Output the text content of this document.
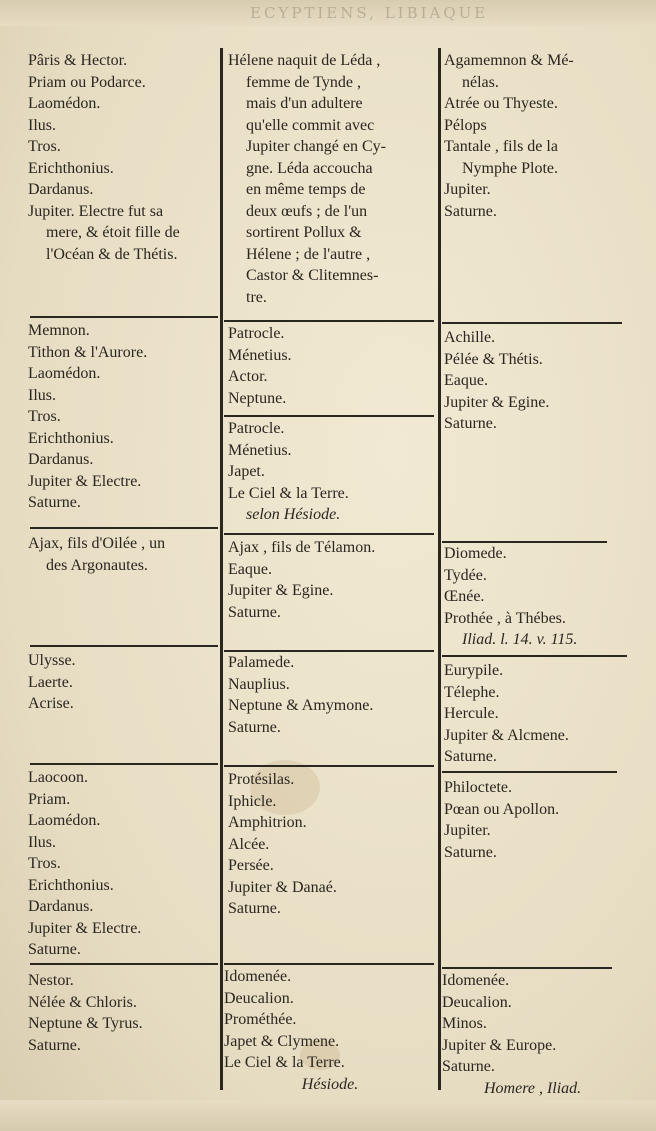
ECYPTIENS, LIBIAQUE
Pâris & Hector.
Priam ou Podarce.
Laomédon.
Ilus.
Tros.
Erichthonius.
Dardanus.
Jupiter. Electre fut sa
mere, & étoit fille de
l'Océan & de Thétis.
Hélene naquit de Léda ,
femme de Tynde ,
mais d'un adultere
qu'elle commit avec
Jupiter changé en Cy-
gne. Léda accoucha
en même temps de
deux œufs ; de l'un
sortirent Pollux &
Hélene ; de l'autre ,
Castor & Clitemnes-
tre.
Agamemnon & Mé-
nélas.
Atrée ou Thyeste.
Pélops
Tantale , fils de la
Nymphe Plote.
Jupiter.
Saturne.
Memnon.
Tithon & l'Aurore.
Laomédon.
Ilus.
Tros.
Erichthonius.
Dardanus.
Jupiter & Electre.
Saturne.
Patrocle.
Ménetius.
Actor.
Neptune.
Patrocle.
Ménetius.
Japet.
Le Ciel & la Terre.
selon Hésiode.
Achille.
Pélée & Thétis.
Eaque.
Jupiter & Egine.
Saturne.
Ajax, fils d'Oilée , un
des Argonautes.
Ajax , fils de Télamon.
Eaque.
Jupiter & Egine.
Saturne.
Diomede.
Tydée.
Œnée.
Prothée , à Thébes.
Iliad. l. 14. v. 115.
Ulysse.
Laerte.
Acrise.
Palamede.
Nauplius.
Neptune & Amymone.
Saturne.
Eurypile.
Télephe.
Hercule.
Jupiter & Alcmene.
Saturne.
Laocoon.
Priam.
Laomédon.
Ilus.
Tros.
Erichthonius.
Dardanus.
Jupiter & Electre.
Saturne.
Protésilas.
Iphicle.
Amphitrion.
Alcée.
Persée.
Jupiter & Danaé.
Saturne.
Philoctete.
Pœan ou Apollon.
Jupiter.
Saturne.
Nestor.
Nélée & Chloris.
Neptune & Tyrus.
Saturne.
Idomenée.
Deucalion.
Prométhée.
Japet & Clymene.
Le Ciel & la Terre.
Hésiode.
Idomenée.
Deucalion.
Minos.
Jupiter & Europe.
Saturne.
Homere , Iliad.
